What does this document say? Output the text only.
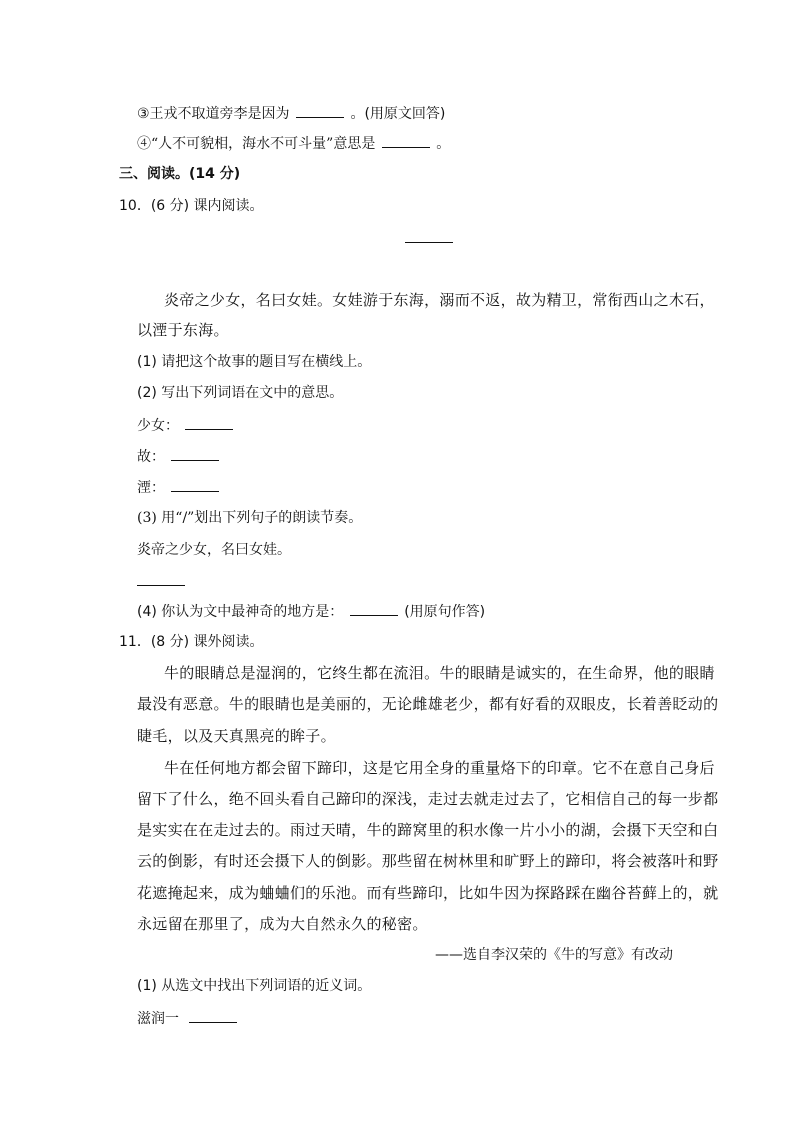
③王戎不取道旁李是因为	。(用原文回答)
④“人不可貌相，海水不可斗量”意思是	。
三、阅读。(14 分)
10．(6 分) 课内阅读。
炎帝之少女，名曰女娃。女娃游于东海，溺而不返，故为精卫，常衔西山之木石，
以湮于东海。
(1) 请把这个故事的题目写在横线上。
(2) 写出下列词语在文中的意思。
少女：
故：
湮：
(3) 用“/”划出下列句子的朗读节奏。
炎帝之少女，名曰女娃。
(4) 你认为文中最神奇的地方是：	(用原句作答)
11．(8 分) 课外阅读。
牛的眼睛总是湿润的，它终生都在流泪。牛的眼睛是诚实的，在生命界，他的眼睛
最没有恶意。牛的眼睛也是美丽的，无论雌雄老少，都有好看的双眼皮，长着善眨动的
睫毛，以及天真黑亮的眸子。
牛在任何地方都会留下蹄印，这是它用全身的重量烙下的印章。它不在意自己身后
留下了什么，绝不回头看自己蹄印的深浅，走过去就走过去了，它相信自己的每一步都
是实实在在走过去的。雨过天晴，牛的蹄窝里的积水像一片小小的湖，会摄下天空和白
云的倒影，有时还会摄下人的倒影。那些留在树林里和旷野上的蹄印，将会被落叶和野
花遮掩起来，成为蛐蛐们的乐池。而有些蹄印，比如牛因为探路踩在幽谷苔藓上的，就
永远留在那里了，成为大自然永久的秘密。
——选自李汉荣的《牛的写意》有改动
(1) 从选文中找出下列词语的近义词。
滋润一
